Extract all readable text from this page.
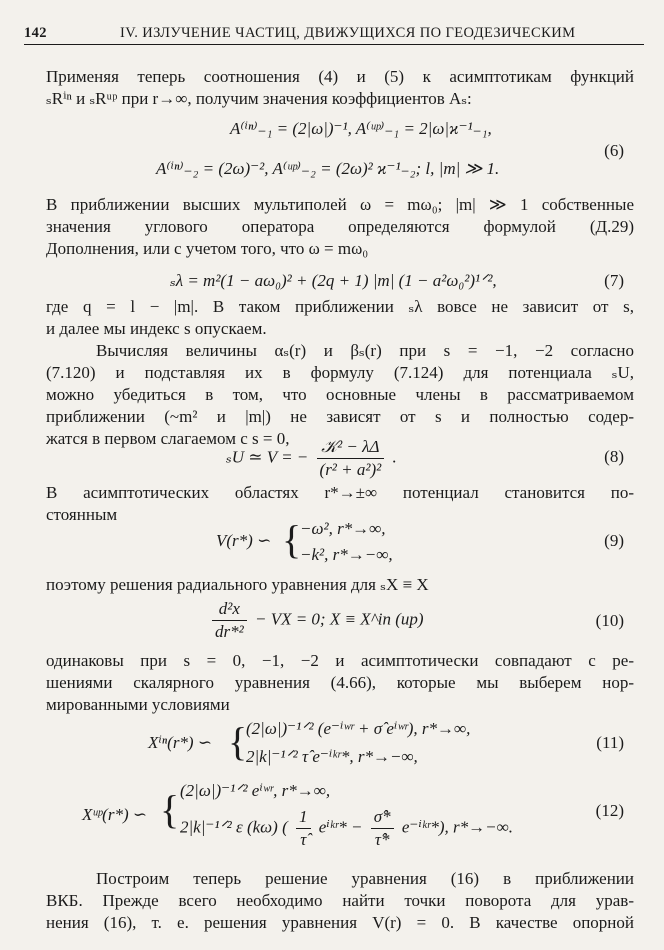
142	IV. ИЗЛУЧЕНИЕ ЧАСТИЦ, ДВИЖУЩИХСЯ ПО ГЕОДЕЗИЧЕСКИМ
Применяя теперь соотношения (4) и (5) к асимптотикам функций
ₛRⁱⁿ и ₛRᵘᵖ при r→∞, получим значения коэффициентов Aₛ:
A⁽ⁱⁿ⁾₋₁ = (2|ω|)⁻¹, A⁽ᵘᵖ⁾₋₁ = 2|ω|ϰ⁻¹₋₁,
A⁽ⁱⁿ⁾₋₂ = (2ω)⁻², A⁽ᵘᵖ⁾₋₂ = (2ω)² ϰ⁻¹₋₂; l, |m| ≫ 1.
(6)
В приближении высших мультиполей ω = mω₀; |m| ≫ 1 собственные
значения углового оператора определяются формулой (Д.29)
Дополнения, или с учетом того, что ω = mω₀
ₛλ = m²(1 − aω₀)² + (2q + 1) |m| (1 − a²ω₀²)¹ᐟ²,	(7)
где q = l − |m|. В таком приближении ₛλ вовсе не зависит от s,
и далее мы индекс s опускаем.
Вычисляя величины αₛ(r) и βₛ(r) при s = −1, −2 согласно
(7.120) и подставляя их в формулу (7.124) для потенциала ₛU,
можно убедиться в том, что основные члены в рассматриваемом
приближении (~m² и |m|) не зависят от s и полностью содер-
жатся в первом слагаемом с s = 0,
ₛU ≃ V = − $\frac{\text{𝒦² − λΔ}}{\text{(r² + a²)²}}$ .	(8)
В асимптотических областях r*→±∞ потенциал становится по-
стоянным
V(r*) ∽ {
−ω², r*→∞,
−k², r*→−∞,
(9)
поэтому решения радиального уравнения для ₛX ≡ X
$\frac{\text{d²x}}{\text{dr*²}}$ − VX = 0; X ≡ X^in (up)	(10)
одинаковы при s = 0, −1, −2 и асимптотически совпадают с ре-
шениями скалярного уравнения (4.66), которые мы выберем нор-
мированными условиями
Xⁱⁿ(r*) ∽ {
(2|ω|)⁻¹ᐟ² (e⁻ⁱʷʳ + σ̂ eⁱʷʳ), r*→∞,
2|k|⁻¹ᐟ² τ̂ e⁻ⁱᵏʳ*, r*→−∞,
(11)
Xᵘᵖ(r*) ∽ { (2|ω|)⁻¹ᐟ² eⁱʷʳ, r*→∞,
2|k|⁻¹ᐟ² ε (kω) ( $\frac{1}{\taû}$ eⁱᵏʳ* − $\frac{\sigmâ*}{\taû*}$ e⁻ⁱᵏʳ*), r*→−∞.
(12)
Построим теперь решение уравнения (16) в приближении
ВКБ. Прежде всего необходимо найти точки поворота для урав-
нения (16), т. е. решения уравнения V(r) = 0. В качестве опорной
